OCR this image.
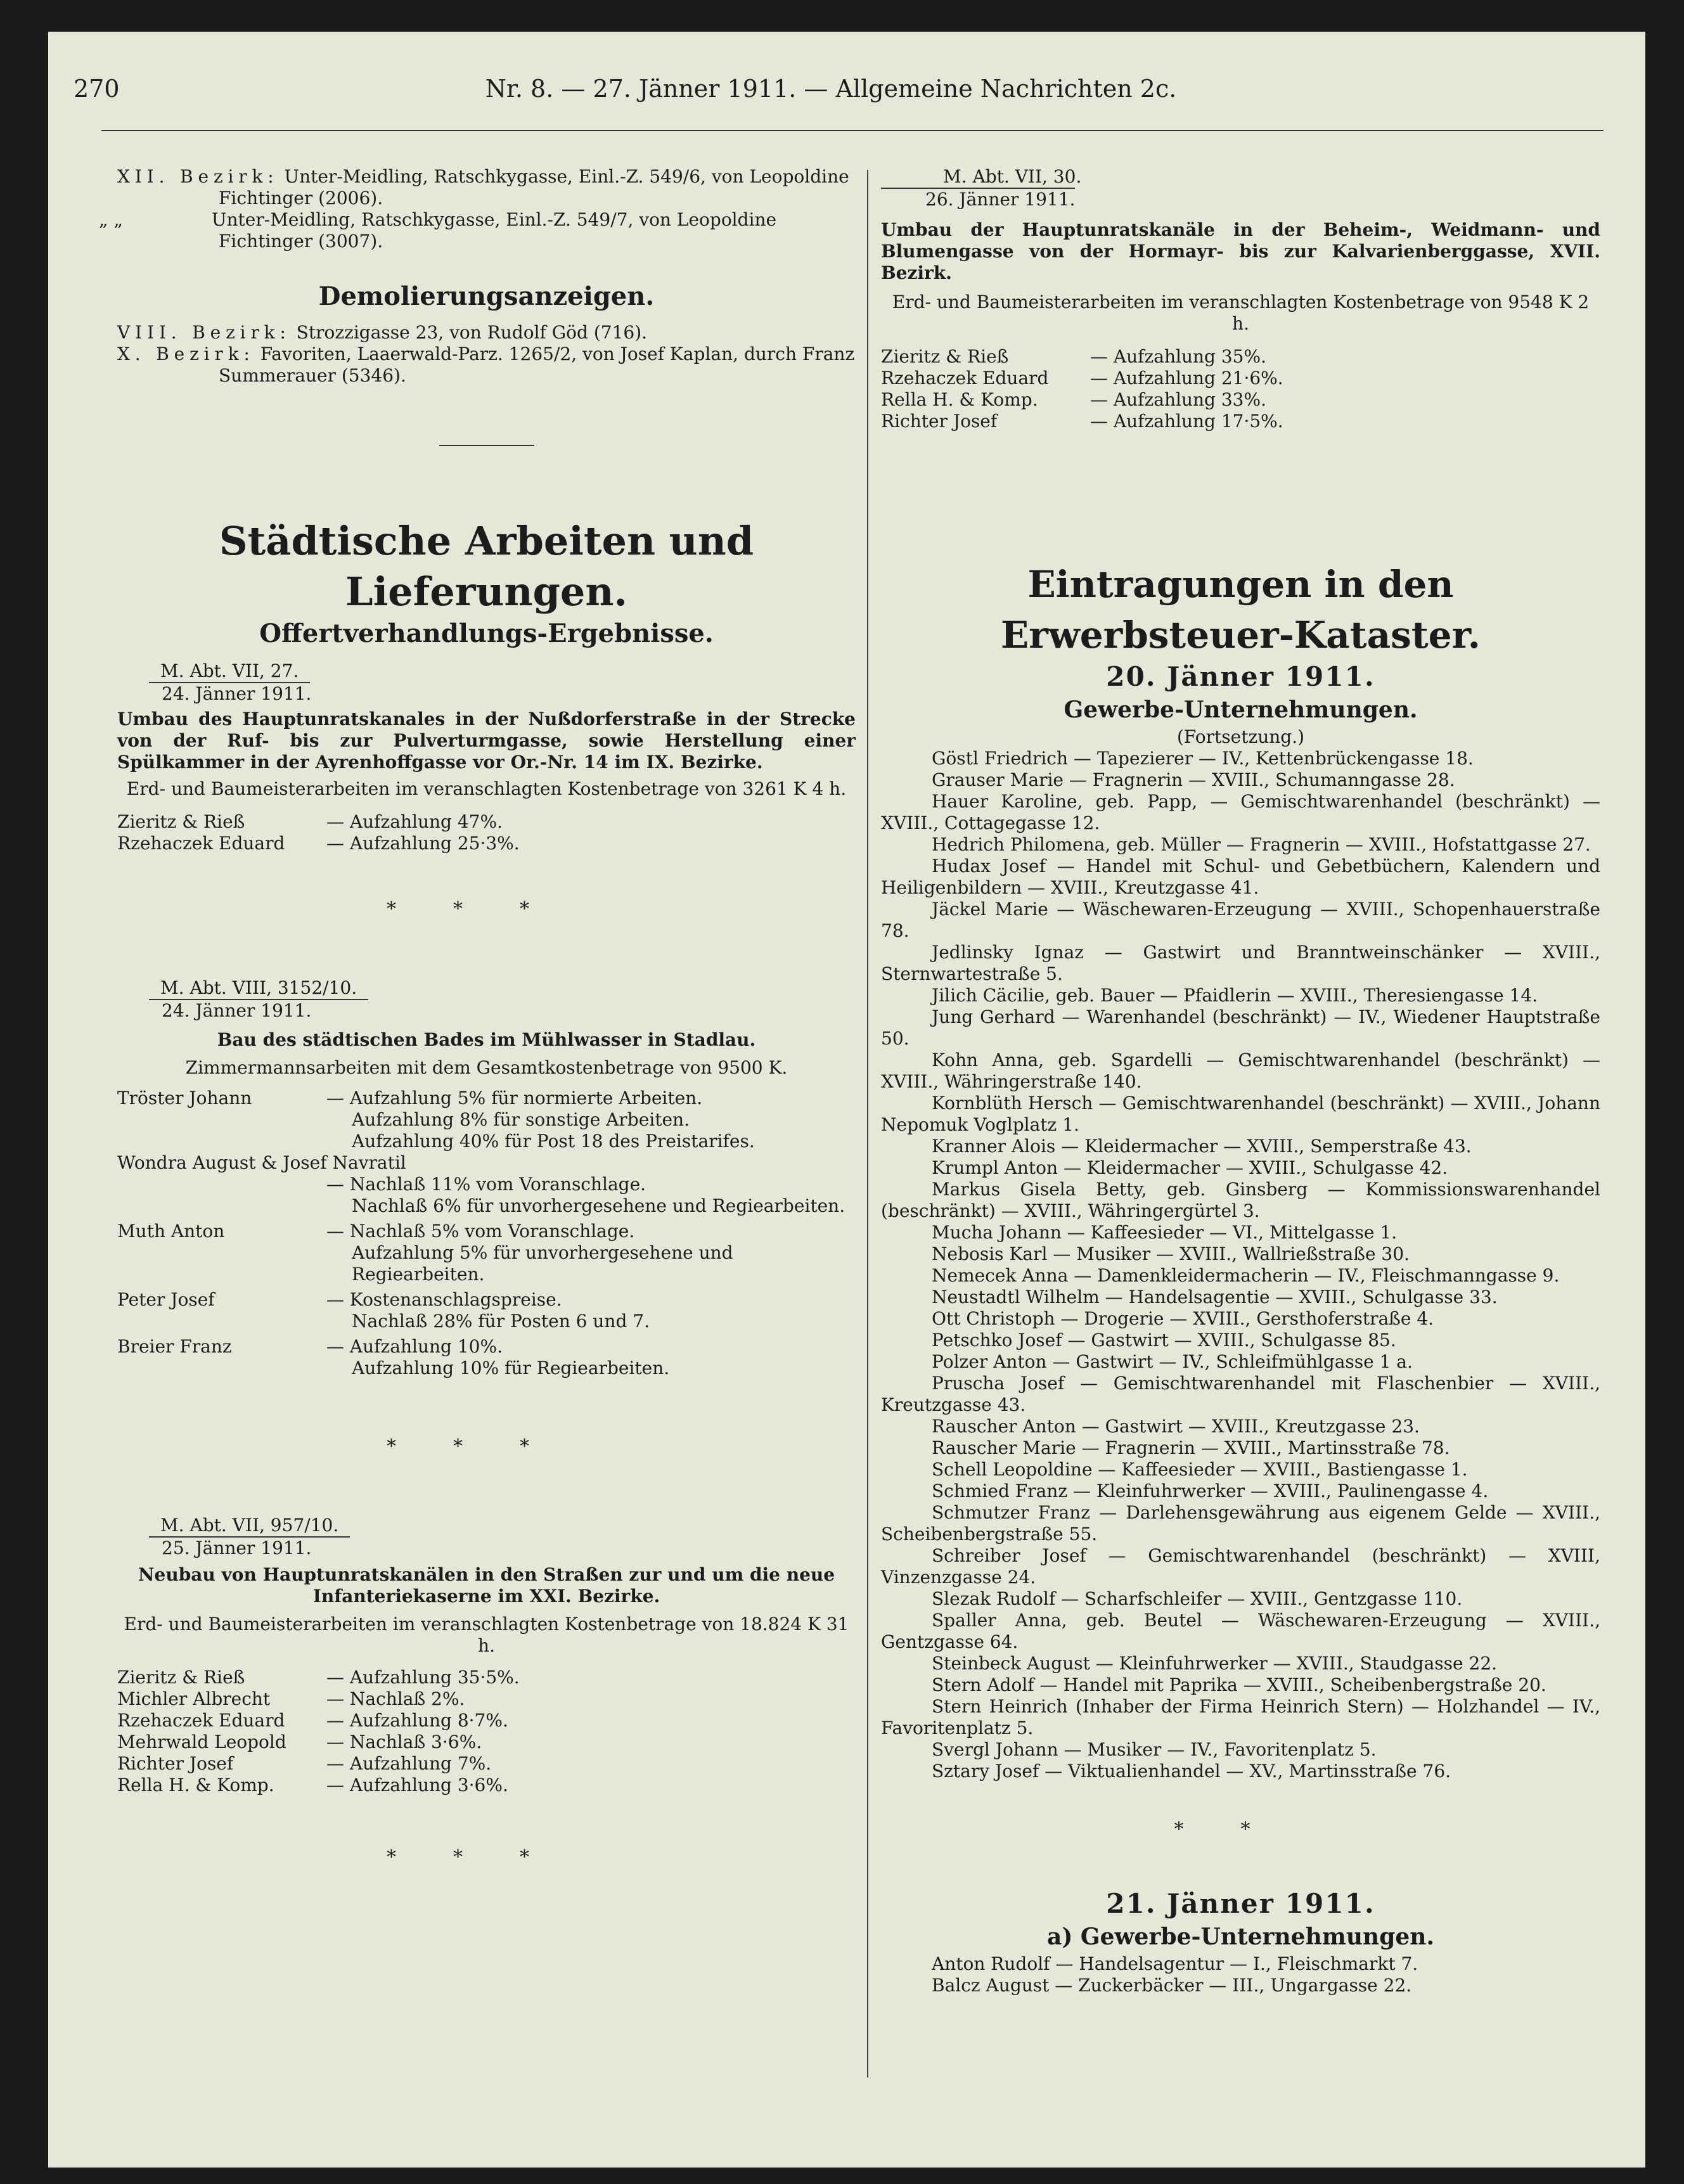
270	Nr. 8. — 27. Jänner 1911. — Allgemeine Nachrichten 2c.
XII. Bezirk: Unter-Meidling, Ratschkygasse, Einl.-Z. 549/6, von Leopoldine Fichtinger (2006).
„ „	Unter-Meidling, Ratschkygasse, Einl.-Z. 549/7, von Leopoldine Fichtinger (3007).
Demolierungsanzeigen.
VIII. Bezirk: Strozzigasse 23, von Rudolf Göd (716).
X. Bezirk: Favoriten, Laaerwald-Parz. 1265/2, von Josef Kaplan, durch Franz Summerauer (5346).
Städtische Arbeiten und Lieferungen.
Offertverhandlungs-Ergebnisse.
M. Abt. VII, 27.
24. Jänner 1911.
Umbau des Hauptunratskanales in der Nußdorferstraße in der Strecke von der Ruf- bis zur Pulverturmgasse, sowie Herstellung einer Spülkammer in der Ayrenhoffgasse vor Or.-Nr. 14 im IX. Bezirke.
Erd- und Baumeisterarbeiten im veranschlagten Kostenbetrage von 3261 K 4 h.
Zieritz & Rieß	— Aufzahlung 47%.
Rzehaczek Eduard	— Aufzahlung 25·3%.
***
M. Abt. VIII, 3152/10.
24. Jänner 1911.
Bau des städtischen Bades im Mühlwasser in Stadlau.
Zimmermannsarbeiten mit dem Gesamtkostenbetrage von 9500 K.
Tröster Johann	— Aufzahlung 5% für normierte Arbeiten.
Aufzahlung 8% für sonstige Arbeiten.
Aufzahlung 40% für Post 18 des Preistarifes.
Wondra August & Josef Navratil
— Nachlaß 11% vom Voranschlage.
Nachlaß 6% für unvorhergesehene und Regiearbeiten.
Muth Anton	— Nachlaß 5% vom Voranschlage.
Aufzahlung 5% für unvorhergesehene und Regiearbeiten.
Peter Josef	— Kostenanschlagspreise.
Nachlaß 28% für Posten 6 und 7.
Breier Franz	— Aufzahlung 10%.
Aufzahlung 10% für Regiearbeiten.
***
M. Abt. VII, 957/10.
25. Jänner 1911.
Neubau von Hauptunratskanälen in den Straßen zur und um die neue Infanteriekaserne im XXI. Bezirke.
Erd- und Baumeisterarbeiten im veranschlagten Kostenbetrage von 18.824 K 31 h.
Zieritz & Rieß	— Aufzahlung 35·5%.
Michler Albrecht	— Nachlaß 2%.
Rzehaczek Eduard	— Aufzahlung 8·7%.
Mehrwald Leopold	— Nachlaß 3·6%.
Richter Josef	— Aufzahlung 7%.
Rella H. & Komp.	— Aufzahlung 3·6%.
***
M. Abt. VII, 30.
26. Jänner 1911.
Umbau der Hauptunratskanäle in der Beheim-, Weidmann- und Blumengasse von der Hormayr- bis zur Kalvarienberggasse, XVII. Bezirk.
Erd- und Baumeisterarbeiten im veranschlagten Kostenbetrage von 9548 K 2 h.
Zieritz & Rieß	— Aufzahlung 35%.
Rzehaczek Eduard	— Aufzahlung 21·6%.
Rella H. & Komp.	— Aufzahlung 33%.
Richter Josef	— Aufzahlung 17·5%.
Eintragungen in den Erwerbsteuer-Kataster.
20. Jänner 1911.
Gewerbe-Unternehmungen.
(Fortsetzung.)
Göstl Friedrich — Tapezierer — IV., Kettenbrückengasse 18.
Grauser Marie — Fragnerin — XVIII., Schumanngasse 28.
Hauer Karoline, geb. Papp, — Gemischtwarenhandel (beschränkt) — XVIII., Cottagegasse 12.
Hedrich Philomena, geb. Müller — Fragnerin — XVIII., Hofstattgasse 27.
Hudax Josef — Handel mit Schul- und Gebetbüchern, Kalendern und Heiligenbildern — XVIII., Kreutzgasse 41.
Jäckel Marie — Wäschewaren-Erzeugung — XVIII., Schopenhauerstraße 78.
Jedlinsky Ignaz — Gastwirt und Branntweinschänker — XVIII., Sternwartestraße 5.
Jilich Cäcilie, geb. Bauer — Pfaidlerin — XVIII., Theresiengasse 14.
Jung Gerhard — Warenhandel (beschränkt) — IV., Wiedener Hauptstraße 50.
Kohn Anna, geb. Sgardelli — Gemischtwarenhandel (beschränkt) — XVIII., Währingerstraße 140.
Kornblüth Hersch — Gemischtwarenhandel (beschränkt) — XVIII., Johann Nepomuk Voglplatz 1.
Kranner Alois — Kleidermacher — XVIII., Semperstraße 43.
Krumpl Anton — Kleidermacher — XVIII., Schulgasse 42.
Markus Gisela Betty, geb. Ginsberg — Kommissionswarenhandel (beschränkt) — XVIII., Währingergürtel 3.
Mucha Johann — Kaffeesieder — VI., Mittelgasse 1.
Nebosis Karl — Musiker — XVIII., Wallrießstraße 30.
Nemecek Anna — Damenkleidermacherin — IV., Fleischmanngasse 9.
Neustadtl Wilhelm — Handelsagentie — XVIII., Schulgasse 33.
Ott Christoph — Drogerie — XVIII., Gersthoferstraße 4.
Petschko Josef — Gastwirt — XVIII., Schulgasse 85.
Polzer Anton — Gastwirt — IV., Schleifmühlgasse 1 a.
Pruscha Josef — Gemischtwarenhandel mit Flaschenbier — XVIII., Kreutzgasse 43.
Rauscher Anton — Gastwirt — XVIII., Kreutzgasse 23.
Rauscher Marie — Fragnerin — XVIII., Martinsstraße 78.
Schell Leopoldine — Kaffeesieder — XVIII., Bastiengasse 1.
Schmied Franz — Kleinfuhrwerker — XVIII., Paulinengasse 4.
Schmutzer Franz — Darlehensgewährung aus eigenem Gelde — XVIII., Scheibenbergstraße 55.
Schreiber Josef — Gemischtwarenhandel (beschränkt) — XVIII, Vinzenzgasse 24.
Slezak Rudolf — Scharfschleifer — XVIII., Gentzgasse 110.
Spaller Anna, geb. Beutel — Wäschewaren-Erzeugung — XVIII., Gentzgasse 64.
Steinbeck August — Kleinfuhrwerker — XVIII., Staudgasse 22.
Stern Adolf — Handel mit Paprika — XVIII., Scheibenbergstraße 20.
Stern Heinrich (Inhaber der Firma Heinrich Stern) — Holzhandel — IV., Favoritenplatz 5.
Svergl Johann — Musiker — IV., Favoritenplatz 5.
Sztary Josef — Viktualienhandel — XV., Martinsstraße 76.
**
21. Jänner 1911.
a) Gewerbe-Unternehmungen.
Anton Rudolf — Handelsagentur — I., Fleischmarkt 7.
Balcz August — Zuckerbäcker — III., Ungargasse 22.
